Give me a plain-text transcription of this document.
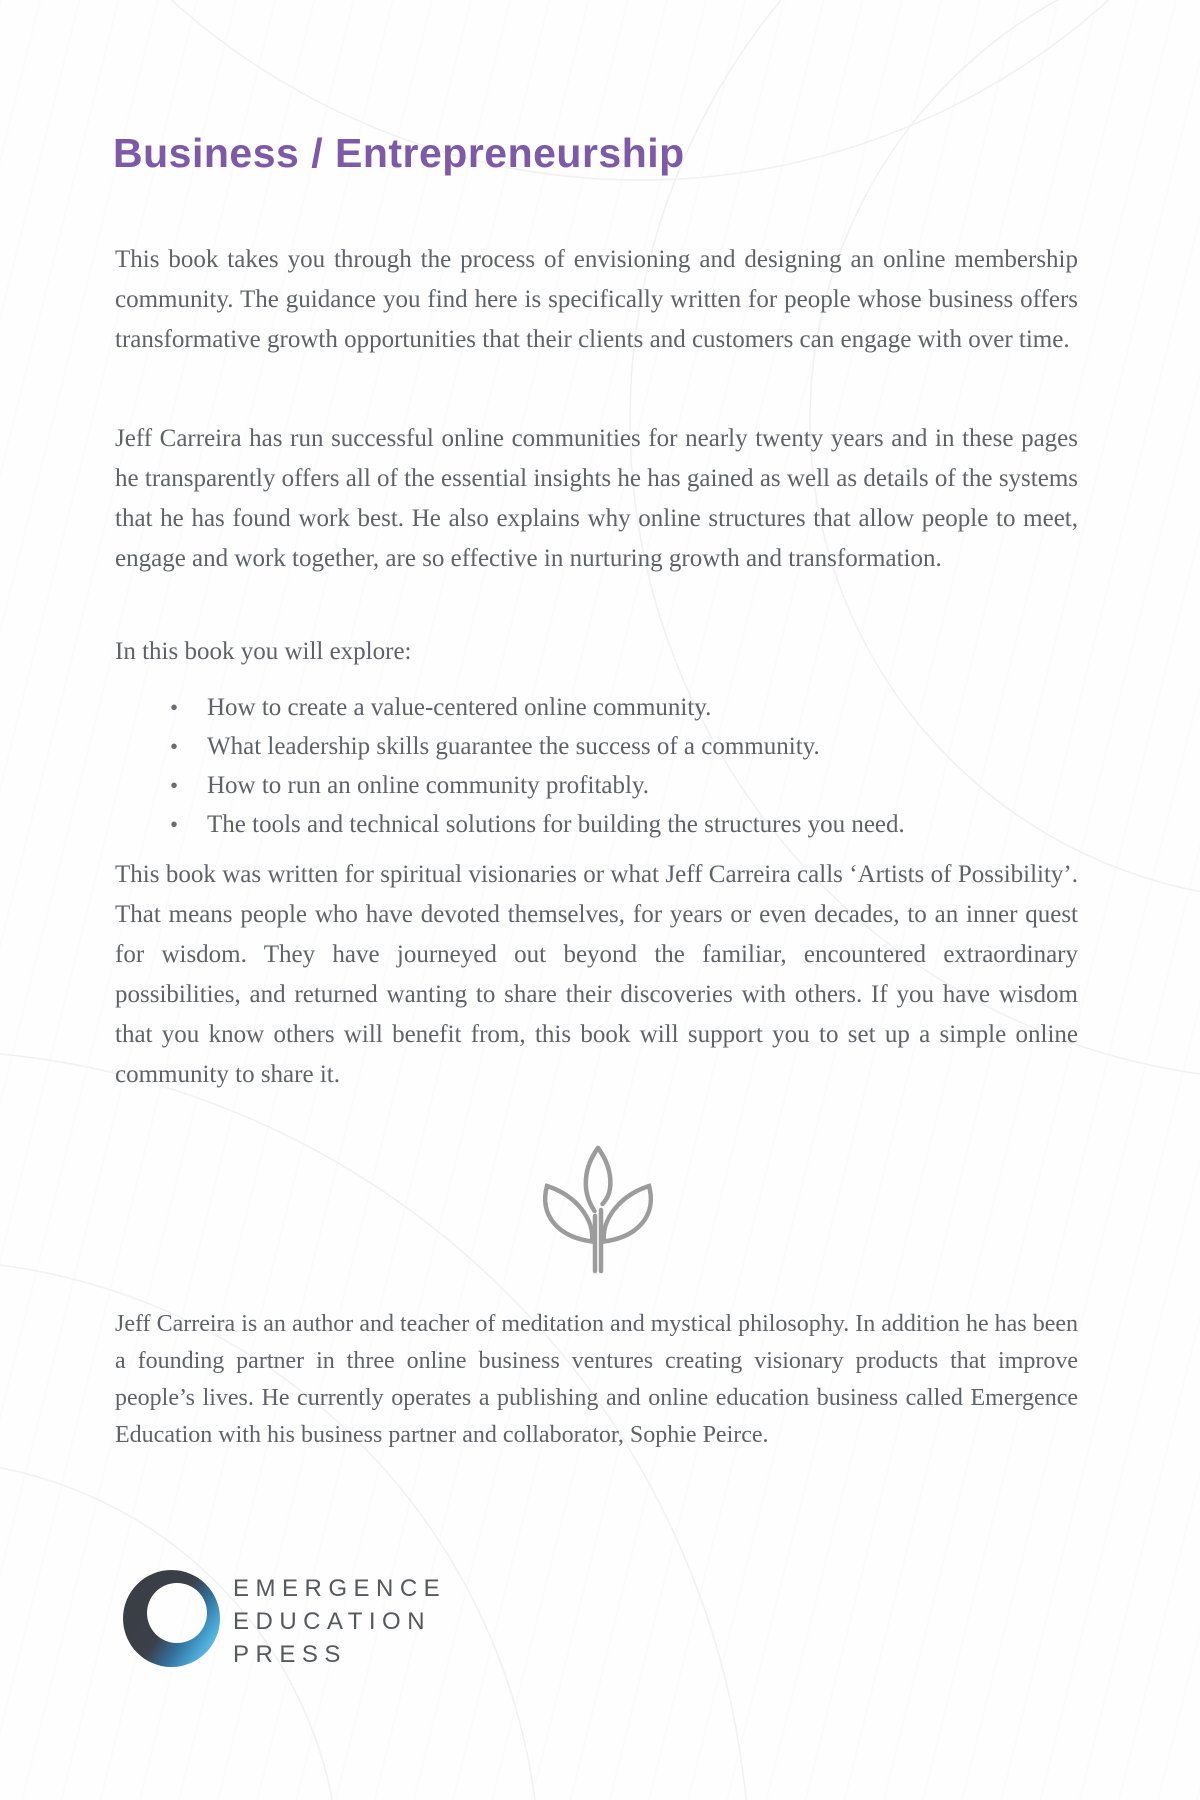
Business / Entrepreneurship

This book takes you through the process of envisioning and designing an online membership community. The guidance you find here is specifically written for people whose business offers transformative growth opportunities that their clients and customers can engage with over time.

Jeff Carreira has run successful online communities for nearly twenty years and in these pages he transparently offers all of the essential insights he has gained as well as details of the systems that he has found work best. He also explains why online structures that allow people to meet, engage and work together, are so effective in nurturing growth and transformation.

In this book you will explore:

• How to create a value-centered online community.
• What leadership skills guarantee the success of a community.
• How to run an online community profitably.
• The tools and technical solutions for building the structures you need.

This book was written for spiritual visionaries or what Jeff Carreira calls ‘Artists of Possibility’. That means people who have devoted themselves, for years or even decades, to an inner quest for wisdom. They have journeyed out beyond the familiar, encountered extraordinary possibilities, and returned wanting to share their discoveries with others. If you have wisdom that you know others will benefit from, this book will support you to set up a simple online community to share it.

Jeff Carreira is an author and teacher of meditation and mystical philosophy. In addition he has been a founding partner in three online business ventures creating visionary products that improve people’s lives. He currently operates a publishing and online education business called Emergence Education with his business partner and collaborator, Sophie Peirce.

EMERGENCE
EDUCATION
PRESS
